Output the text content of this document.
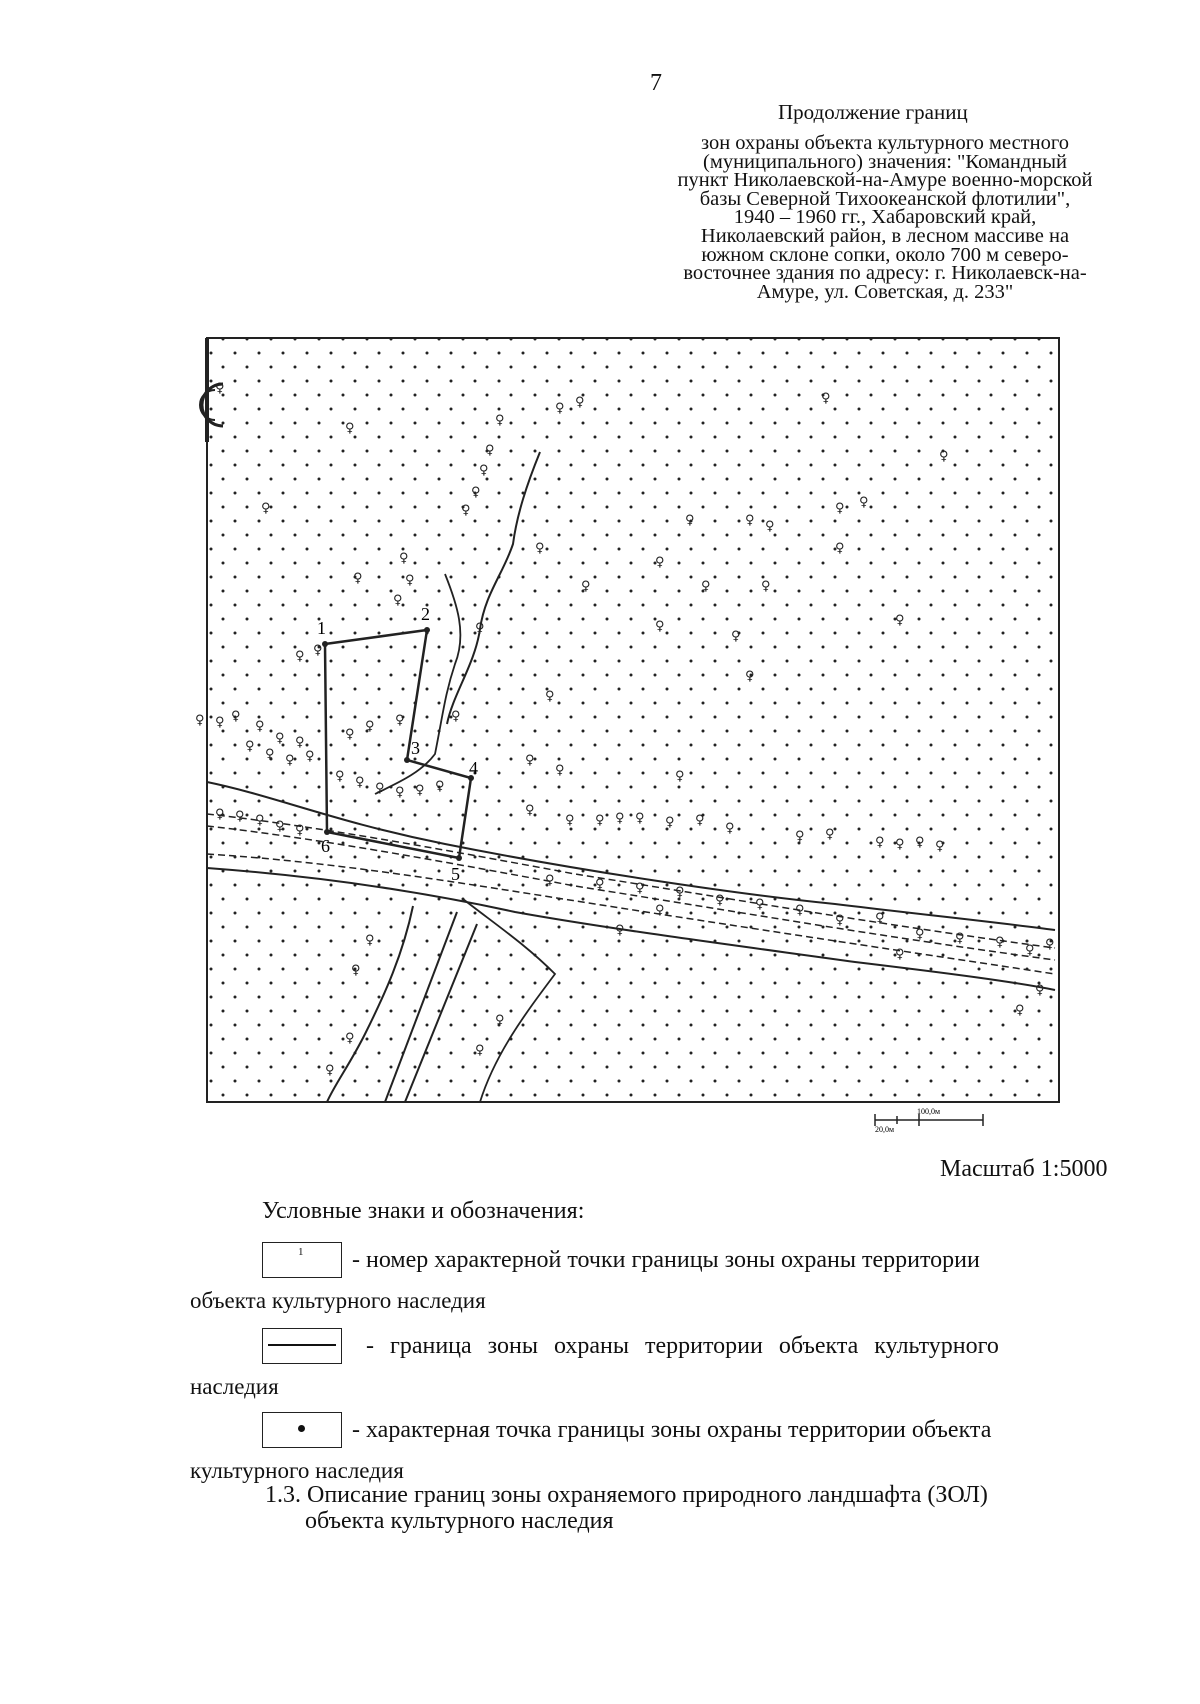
7
Продолжение границ
зон охраны объекта культурного местного
(муниципального) значения: "Командный
пункт Николаевской-на-Амуре военно-морской
базы Северной Тихоокеанской флотилии",
1940 – 1960 гг., Хабаровский край,
Николаевский район, в лесном массиве на
южном склоне сопки, около 700 м северо-
восточнее здания по адресу: г. Николаевск-на-
Амуре, ул. Советская, д. 233"
1
2
3
4
5
6
♀
♀
♀ ♀	♀
♀
♀
♀	♀ ♀
♀ ♀
♀
♀
♀
♀
♀	♀	♀
♀	♀
♀
♀
♀
♀ ♀
♀
♀
♀
♀
♀
♀
♀
♀
♀
♀
♀
♀
♀
♀ ♀ ♀
♀
♀ ♀
♀
♀ ♀ ♀
♀
♀ ♀
♀ ♀ ♀ ♀ ♀ ♀
♀
♀ ♀ ♀ ♀ ♀ ♀
♀
♀ ♀
♀ ♀ ♀ ♀
♀ ♀ ♀ ♀ ♀
♀	♀ ♀ ♀
♀ ♀ ♀
♀ ♀
♀ ♀ ♀
♀ ♀
♀
♀
♀
♀
♀
♀
♀
♀
♀
♀
♀
100,0м
20,0м
Масштаб 1:5000
Условные знаки и обозначения:
1 - номер характерной точки границы зоны охраны территории
объекта культурного наследия
- граница зоны охраны территории объекта культурного
наследия
- характерная точка границы зоны охраны территории объекта
культурного наследия
1.3. Описание границ зоны охраняемого природного ландшафта (ЗОЛ)
объекта культурного наследия
